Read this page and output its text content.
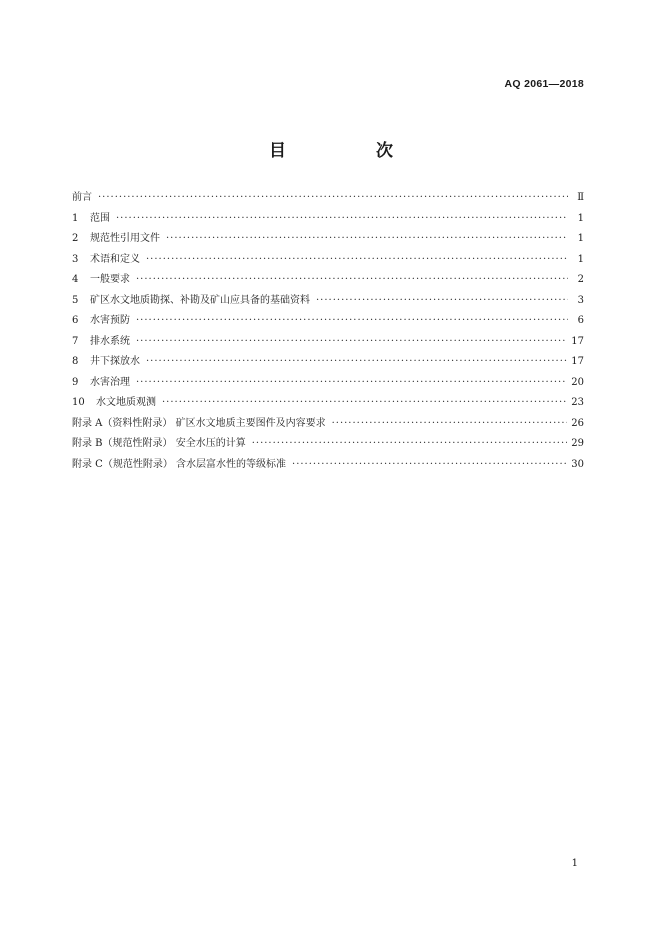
AQ 2061—2018
目 次
前言 ·····	Ⅱ
1	范围 ·····	1
2	规范性引用文件 ·····	1
3	术语和定义 ·····	1
4	一般要求 ·····	2
5	矿区水文地质勘探、补勘及矿山应具备的基础资料 ·····	3
6	水害预防 ·····	6
7	排水系统 ·····	17
8	井下探放水 ·····	17
9	水害治理 ·····	20
10	水文地质观测 ·····	23
附录 A（资料性附录） 矿区水文地质主要图件及内容要求 ·····	26
附录 B（规范性附录） 安全水压的计算 ·····	29
附录 C（规范性附录） 含水层富水性的等级标准 ·····	30
1
